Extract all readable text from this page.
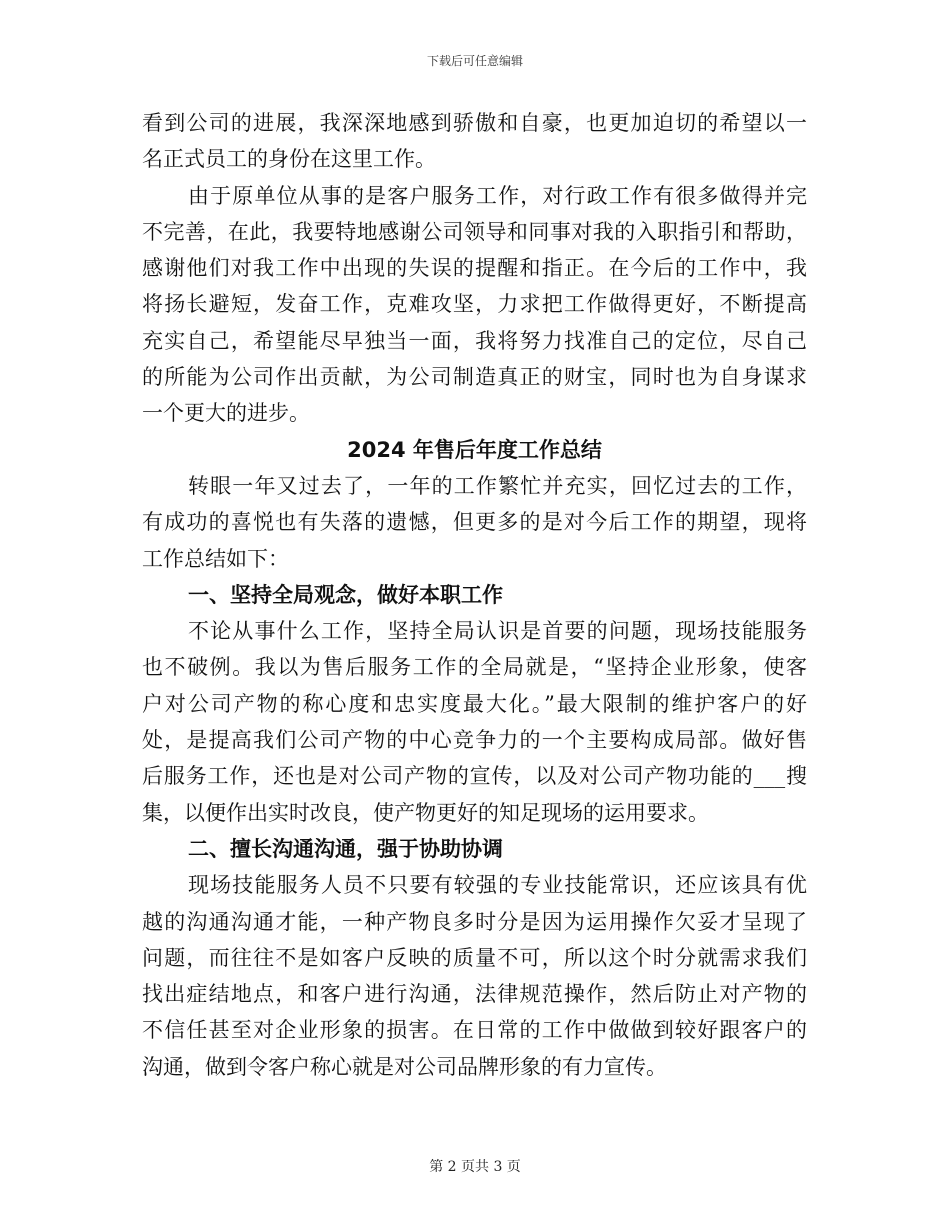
下载后可任意编辑
看到公司的进展，我深深地感到骄傲和自豪，也更加迫切的希望以一
名正式员工的身份在这里工作。
由于原单位从事的是客户服务工作，对行政工作有很多做得并完
不完善，在此，我要特地感谢公司领导和同事对我的入职指引和帮助，
感谢他们对我工作中出现的失误的提醒和指正。在今后的工作中，我
将扬长避短，发奋工作，克难攻坚，力求把工作做得更好，不断提高
充实自己，希望能尽早独当一面，我将努力找准自己的定位，尽自己
的所能为公司作出贡献，为公司制造真正的财宝，同时也为自身谋求
一个更大的进步。
2024 年售后年度工作总结
转眼一年又过去了，一年的工作繁忙并充实，回忆过去的工作，
有成功的喜悦也有失落的遗憾，但更多的是对今后工作的期望，现将
工作总结如下：
一、坚持全局观念，做好本职工作
不论从事什么工作，坚持全局认识是首要的问题，现场技能服务
也不破例。我以为售后服务工作的全局就是，“坚持企业形象，使客
户对公司产物的称心度和忠实度最大化。”最大限制的维护客户的好
处，是提高我们公司产物的中心竞争力的一个主要构成局部。做好售
后服务工作，还也是对公司产物的宣传，以及对公司产物功能的___搜
集，以便作出实时改良，使产物更好的知足现场的运用要求。
二、擅长沟通沟通，强于协助协调
现场技能服务人员不只要有较强的专业技能常识，还应该具有优
越的沟通沟通才能，一种产物良多时分是因为运用操作欠妥才呈现了
问题，而往往不是如客户反映的质量不可，所以这个时分就需求我们
找出症结地点，和客户进行沟通，法律规范操作，然后防止对产物的
不信任甚至对企业形象的损害。在日常的工作中做做到较好跟客户的
沟通，做到令客户称心就是对公司品牌形象的有力宣传。
第 2 页共 3 页
